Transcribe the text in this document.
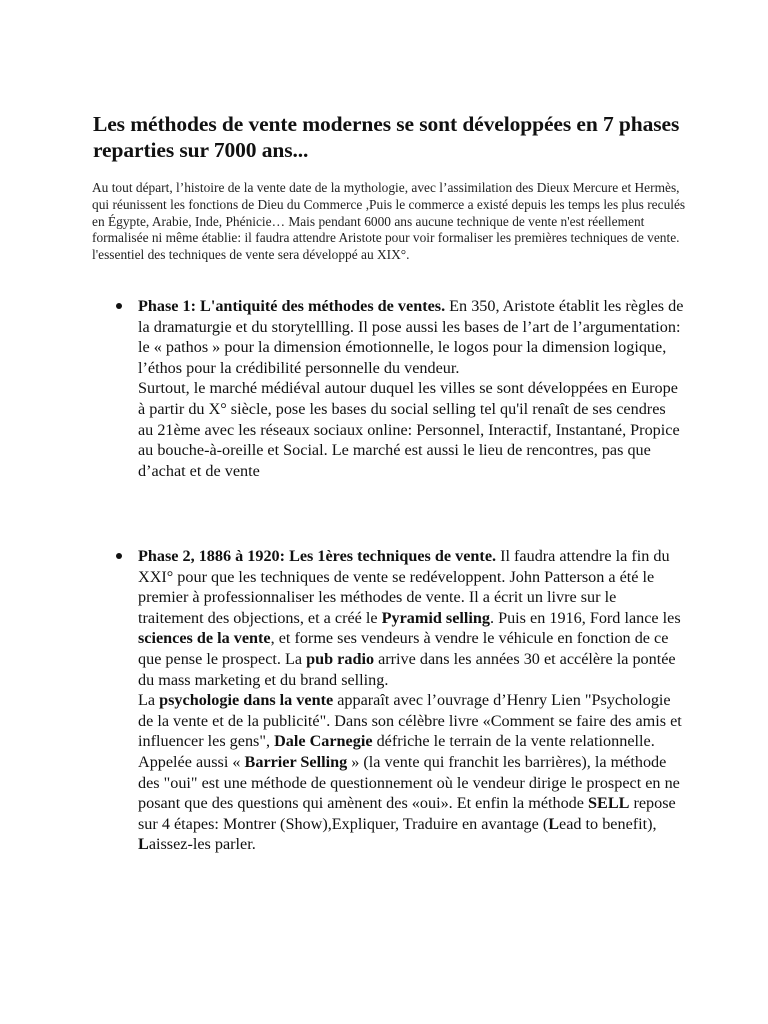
Les méthodes de vente modernes se sont développées en 7 phases reparties sur 7000 ans...

Au tout départ, l’histoire de la vente date de la mythologie, avec l’assimilation des Dieux Mercure et Hermès, qui réunissent les fonctions de Dieu du Commerce ,Puis le commerce a existé depuis les temps les plus reculés en Égypte, Arabie, Inde, Phénicie… Mais pendant 6000 ans aucune technique de vente n'est réellement formalisée ni même établie: il faudra attendre Aristote pour voir formaliser les premières techniques de vente. l'essentiel des techniques de vente sera développé au XIX°.

Phase 1: L'antiquité des méthodes de ventes. En 350, Aristote établit les règles de la dramaturgie et du storytellling. Il pose aussi les bases de l’art de l’argumentation: le « pathos » pour la dimension émotionnelle, le logos pour la dimension logique, l’éthos pour la crédibilité personnelle du vendeur.

Surtout, le marché médiéval autour duquel les villes se sont développées en Europe à partir du X° siècle, pose les bases du social selling tel qu'il renaît de ses cendres au 21ème avec les réseaux sociaux online: Personnel, Interactif, Instantané, Propice au bouche-à-oreille et Social. Le marché est aussi le lieu de rencontres, pas que d’achat et de vente

Phase 2, 1886 à 1920: Les 1ères techniques de vente. Il faudra attendre la fin du XXI° pour que les techniques de vente se redéveloppent. John Patterson a été le premier à professionnaliser les méthodes de vente. Il a écrit un livre sur le traitement des objections, et a créé le Pyramid selling. Puis en 1916, Ford lance les sciences de la vente, et forme ses vendeurs à vendre le véhicule en fonction de ce que pense le prospect. La pub radio arrive dans les années 30 et accélère la pontée du mass marketing et du brand selling.

La psychologie dans la vente apparaît avec l’ouvrage d’Henry Lien "Psychologie de la vente et de la publicité". Dans son célèbre livre «Comment se faire des amis et influencer les gens", Dale Carnegie défriche le terrain de la vente relationnelle. Appelée aussi « Barrier Selling » (la vente qui franchit les barrières), la méthode des "oui" est une méthode de questionnement où le vendeur dirige le prospect en ne posant que des questions qui amènent des «oui». Et enfin la méthode SELL repose sur 4 étapes: Montrer (Show),Expliquer, Traduire en avantage (Lead to benefit), Laissez-les parler.
